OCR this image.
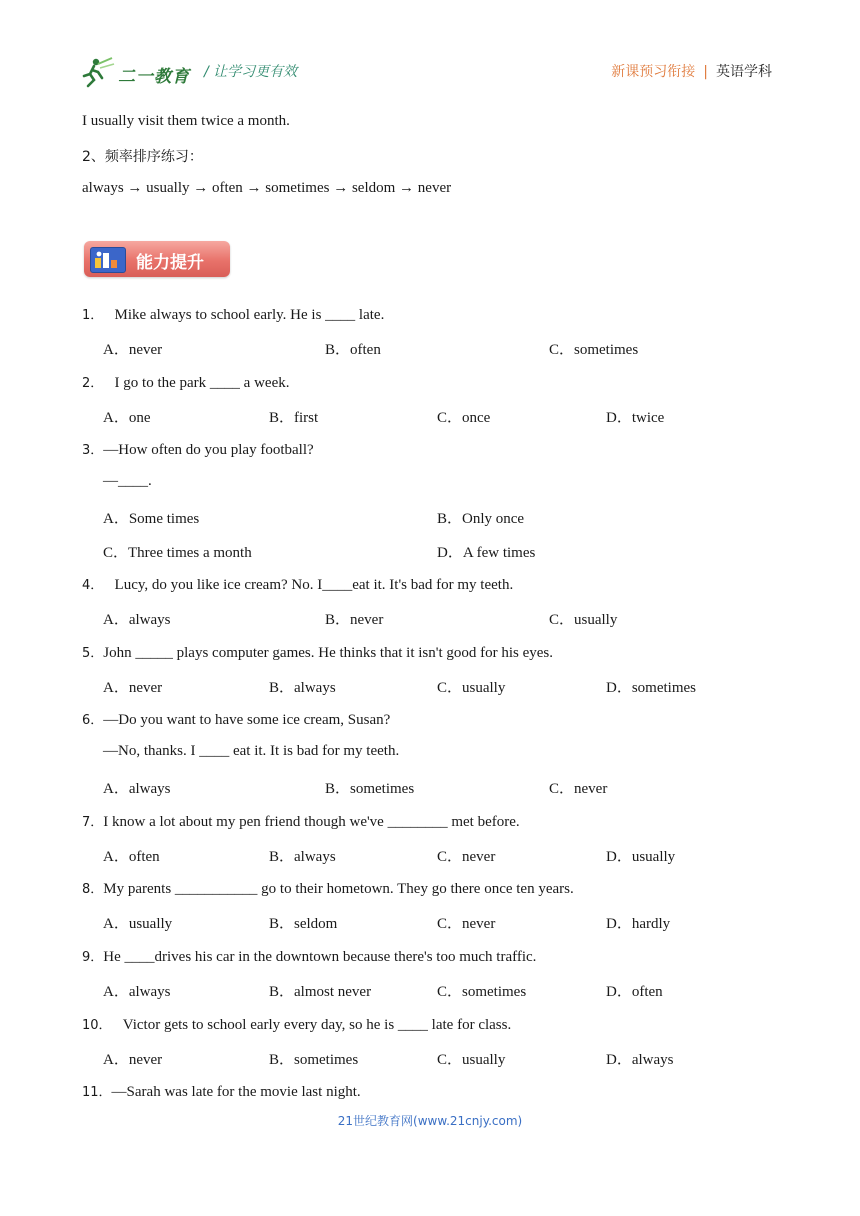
二一教育 / 让学习更有效	新课预习衔接 | 英语学科
I usually visit them twice a month.
2、频率排序练习：
always → usually → often → sometimes → seldom → never
能力提升
1． Mike always to school early. He is ____ late.
A．never	B．often	C．sometimes
2． I go to the park ____ a week.
A．one	B．first	C．once	D．twice
3．—How often do you play football?
—____.
A．Some times	B．Only once
C．Three times a month	D．A few times
4． Lucy, do you like ice cream? No. I____eat it. It's bad for my teeth.
A．always	B．never	C．usually
5．John _____ plays computer games. He thinks that it isn't good for his eyes.
A．never	B．always	C．usually	D．sometimes
6．—Do you want to have some ice cream, Susan?
—No, thanks. I ____ eat it. It is bad for my teeth.
A．always	B．sometimes	C．never
7．I know a lot about my pen friend though we've ________ met before.
A．often	B．always	C．never	D．usually
8．My parents ___________ go to their hometown. They go there once ten years.
A．usually	B．seldom	C．never	D．hardly
9．He ____drives his car in the downtown because there's too much traffic.
A．always	B．almost never	C．sometimes	D．often
10． Victor gets to school early every day, so he is ____ late for class.
A．never	B．sometimes	C．usually	D．always
11．—Sarah was late for the movie last night.
21世纪教育网(www.21cnjy.com)
